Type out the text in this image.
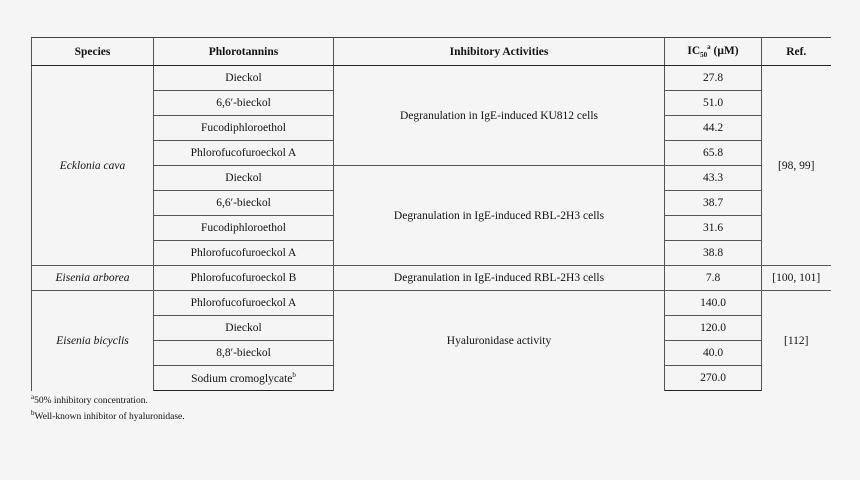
Species	Phlorotannins	Inhibitory Activities	$IC_{50}^a$ (μM)	Ref.
Ecklonia cava	Dieckol	Degranulation in IgE-induced KU812 cells	27.8	[98, 99]
	6,6′-bieckol		51.0	
	Fucodiphloroethol		44.2	
	Phlorofucofuroeckol A		65.8	
	Dieckol	Degranulation in IgE-induced RBL-2H3 cells	43.3	
	6,6′-bieckol		38.7	
	Fucodiphloroethol		31.6	
	Phlorofucofuroeckol A		38.8	
Eisenia arborea	Phlorofucofuroeckol B	Degranulation in IgE-induced RBL-2H3 cells	7.8	[100, 101]
Eisenia bicyclis	Phlorofucofuroeckol A	Hyaluronidase activity	140.0	[112]
	Dieckol		120.0	
	8,8′-bieckol		40.0	
	Sodium cromoglycate$^b$		270.0	
$^a$50% inhibitory concentration.
$^b$Well-known inhibitor of hyaluronidase.
